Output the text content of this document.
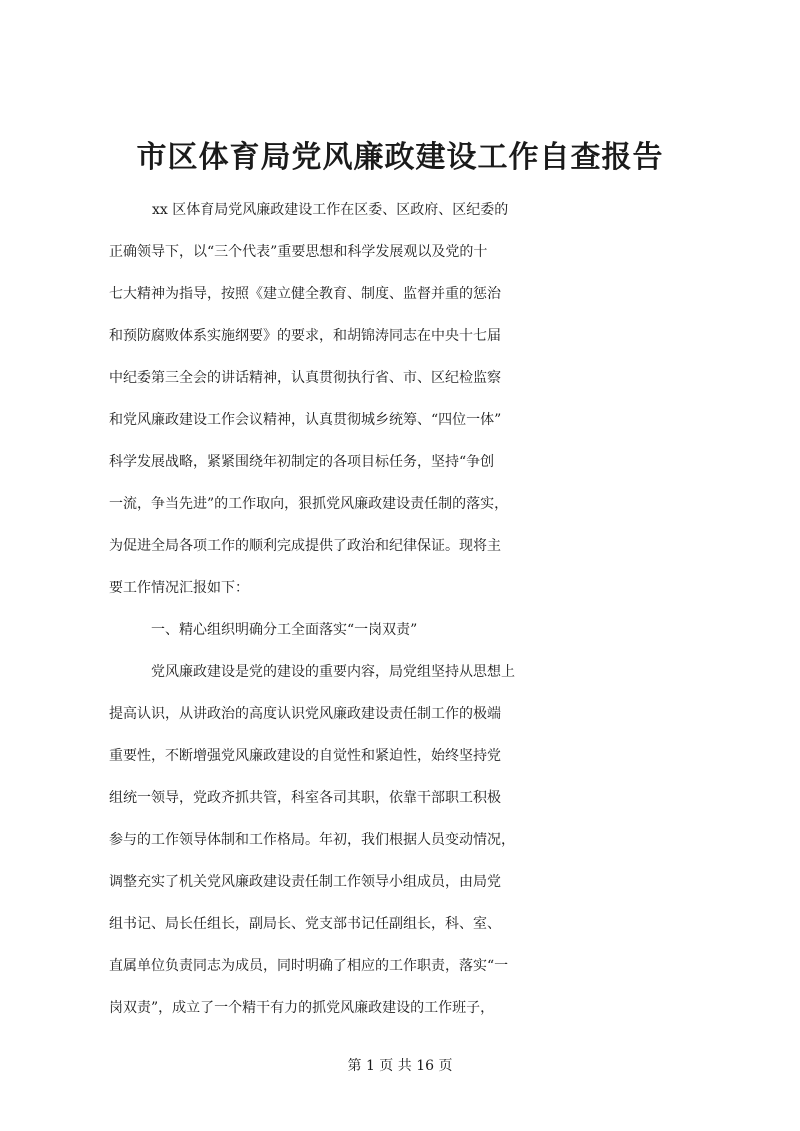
市区体育局党风廉政建设工作自查报告

xx 区体育局党风廉政建设工作在区委、区政府、区纪委的

正确领导下，以“三个代表”重要思想和科学发展观以及党的十

七大精神为指导，按照《建立健全教育、制度、监督并重的惩治

和预防腐败体系实施纲要》的要求，和胡锦涛同志在中央十七届

中纪委第三全会的讲话精神，认真贯彻执行省、市、区纪检监察

和党风廉政建设工作会议精神，认真贯彻城乡统筹、“四位一体”

科学发展战略，紧紧围绕年初制定的各项目标任务，坚持“争创

一流，争当先进”的工作取向，狠抓党风廉政建设责任制的落实，

为促进全局各项工作的顺利完成提供了政治和纪律保证。现将主

要工作情况汇报如下：

一、精心组织明确分工全面落实“一岗双责”

党风廉政建设是党的建设的重要内容，局党组坚持从思想上

提高认识，从讲政治的高度认识党风廉政建设责任制工作的极端

重要性，不断增强党风廉政建设的自觉性和紧迫性，始终坚持党

组统一领导，党政齐抓共管，科室各司其职，依靠干部职工积极

参与的工作领导体制和工作格局。年初，我们根据人员变动情况，

调整充实了机关党风廉政建设责任制工作领导小组成员，由局党

组书记、局长任组长，副局长、党支部书记任副组长，科、室、

直属单位负责同志为成员，同时明确了相应的工作职责，落实“一

岗双责”，成立了一个精干有力的抓党风廉政建设的工作班子，

第 1 页 共 16 页
